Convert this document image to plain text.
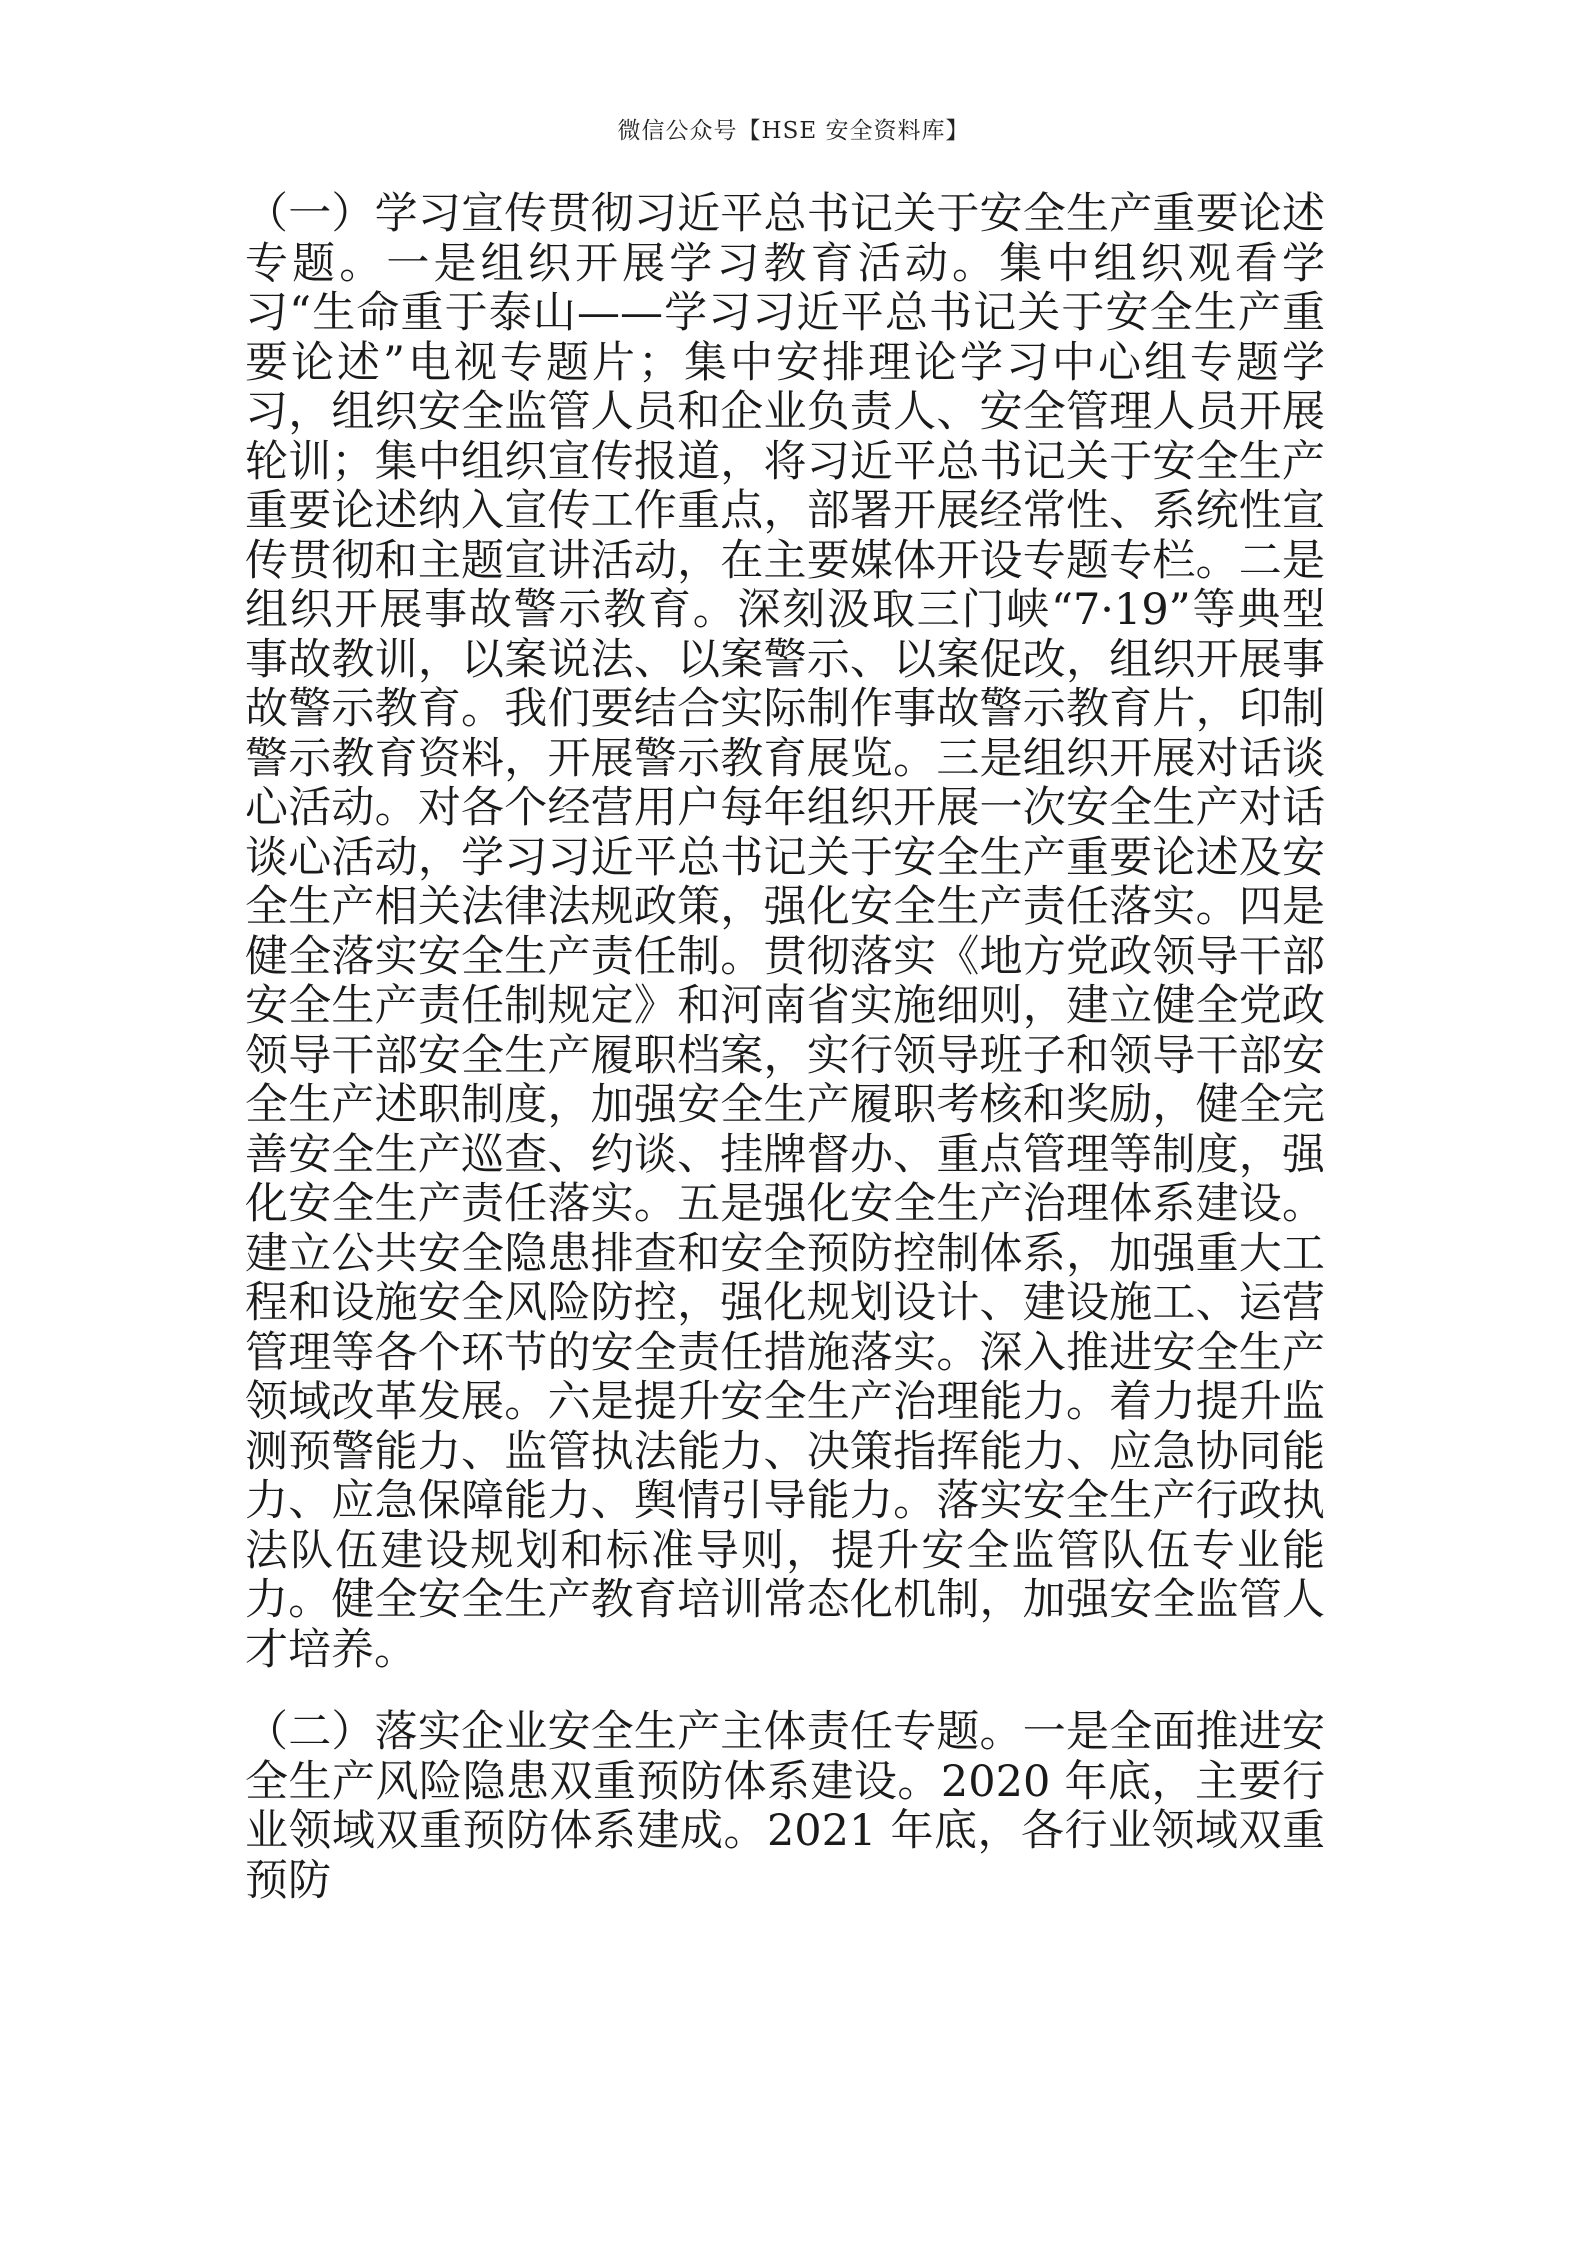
微信公众号【HSE 安全资料库】

（一）学习宣传贯彻习近平总书记关于安全生产重要论述专题。一是组织开展学习教育活动。集中组织观看学习“生命重于泰山——学习习近平总书记关于安全生产重要论述”电视专题片；集中安排理论学习中心组专题学习，组织安全监管人员和企业负责人、安全管理人员开展轮训；集中组织宣传报道，将习近平总书记关于安全生产重要论述纳入宣传工作重点，部署开展经常性、系统性宣传贯彻和主题宣讲活动，在主要媒体开设专题专栏。二是组织开展事故警示教育。深刻汲取三门峡“7·19”等典型事故教训，以案说法、以案警示、以案促改，组织开展事故警示教育。我们要结合实际制作事故警示教育片，印制警示教育资料，开展警示教育展览。三是组织开展对话谈心活动。对各个经营用户每年组织开展一次安全生产对话谈心活动，学习习近平总书记关于安全生产重要论述及安全生产相关法律法规政策，强化安全生产责任落实。四是健全落实安全生产责任制。贯彻落实《地方党政领导干部安全生产责任制规定》和河南省实施细则，建立健全党政领导干部安全生产履职档案，实行领导班子和领导干部安全生产述职制度，加强安全生产履职考核和奖励，健全完善安全生产巡查、约谈、挂牌督办、重点管理等制度，强化安全生产责任落实。五是强化安全生产治理体系建设。建立公共安全隐患排查和安全预防控制体系，加强重大工程和设施安全风险防控，强化规划设计、建设施工、运营管理等各个环节的安全责任措施落实。深入推进安全生产领域改革发展。六是提升安全生产治理能力。着力提升监测预警能力、监管执法能力、决策指挥能力、应急协同能力、应急保障能力、舆情引导能力。落实安全生产行政执法队伍建设规划和标准导则，提升安全监管队伍专业能力。健全安全生产教育培训常态化机制，加强安全监管人才培养。

（二）落实企业安全生产主体责任专题。一是全面推进安全生产风险隐患双重预防体系建设。2020 年底，主要行业领域双重预防体系建成。2021 年底，各行业领域双重预防
